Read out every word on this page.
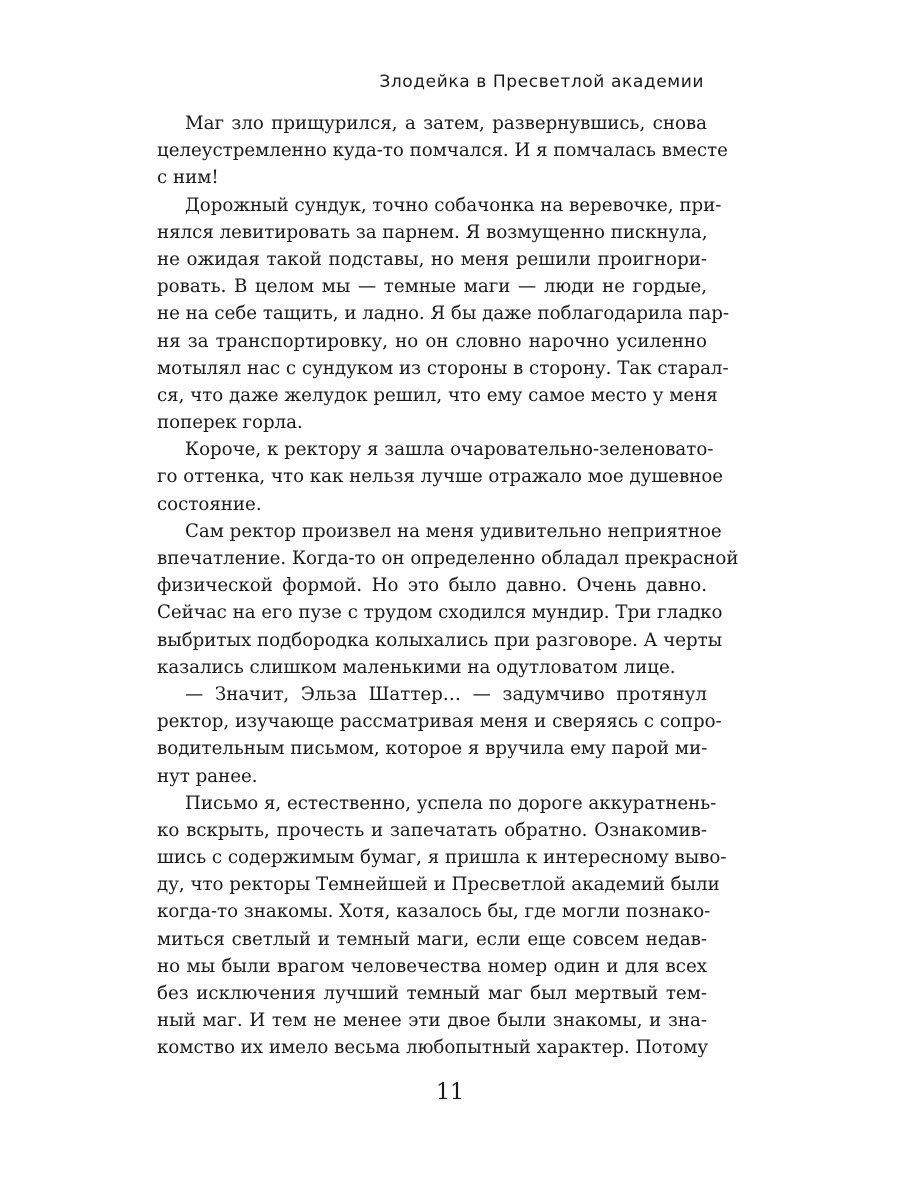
Злодейка в Пресветлой академии
Маг зло прищурился, а затем, развернувшись, снова
целеустремленно куда-то помчался. И я помчалась вместе
с ним!
Дорожный сундук, точно собачонка на веревочке, при-
нялся левитировать за парнем. Я возмущенно пискнула,
не ожидая такой подставы, но меня решили проигнори-
ровать. В целом мы — темные маги — люди не гордые,
не на себе тащить, и ладно. Я бы даже поблагодарила пар-
ня за транспортировку, но он словно нарочно усиленно
мотылял нас с сундуком из стороны в сторону. Так старал-
ся, что даже желудок решил, что ему самое место у меня
поперек горла.
Короче, к ректору я зашла очаровательно-зеленовато-
го оттенка, что как нельзя лучше отражало мое душевное
состояние.
Сам ректор произвел на меня удивительно неприятное
впечатление. Когда-то он определенно обладал прекрасной
физической формой. Но это было давно. Очень давно.
Сейчас на его пузе с трудом сходился мундир. Три гладко
выбритых подбородка колыхались при разговоре. А черты
казались слишком маленькими на одутловатом лице.
— Значит, Эльза Шаттер… — задумчиво протянул
ректор, изучающе рассматривая меня и сверяясь с сопро-
водительным письмом, которое я вручила ему парой ми-
нут ранее.
Письмо я, естественно, успела по дороге аккуратнень-
ко вскрыть, прочесть и запечатать обратно. Ознакомив-
шись с содержимым бумаг, я пришла к интересному выво-
ду, что ректоры Темнейшей и Пресветлой академий были
когда-то знакомы. Хотя, казалось бы, где могли познако-
миться светлый и темный маги, если еще совсем недав-
но мы были врагом человечества номер один и для всех
без исключения лучший темный маг был мертвый тем-
ный маг. И тем не менее эти двое были знакомы, и зна-
комство их имело весьма любопытный характер. Потому
11
